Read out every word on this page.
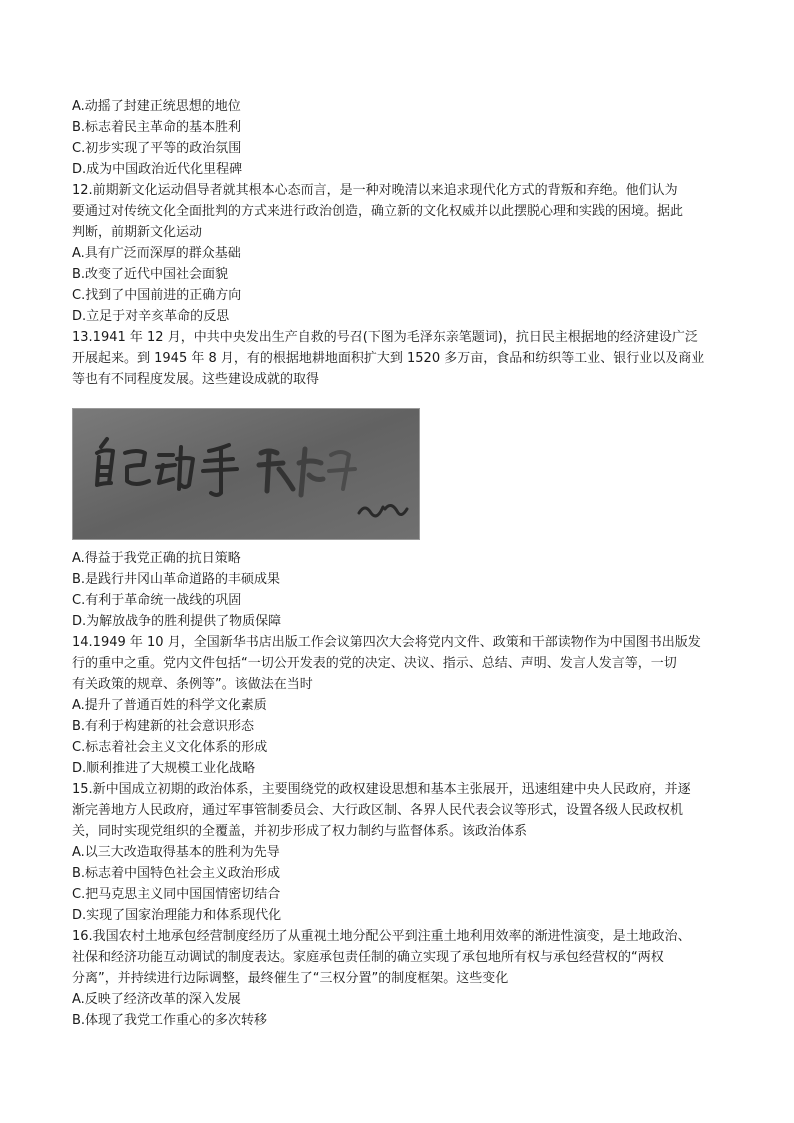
A.动摇了封建正统思想的地位
B.标志着民主革命的基本胜利
C.初步实现了平等的政治氛围
D.成为中国政治近代化里程碑
12.前期新文化运动倡导者就其根本心态而言，是一种对晚清以来追求现代化方式的背叛和弃绝。他们认为
要通过对传统文化全面批判的方式来进行政治创造，确立新的文化权威并以此摆脱心理和实践的困境。据此
判断，前期新文化运动
A.具有广泛而深厚的群众基础
B.改变了近代中国社会面貌
C.找到了中国前进的正确方向
D.立足于对辛亥革命的反思
13.1941 年 12 月，中共中央发出生产自救的号召(下图为毛泽东亲笔题词)，抗日民主根据地的经济建设广泛
开展起来。到 1945 年 8 月，有的根据地耕地面积扩大到 1520 多万亩，食品和纺织等工业、银行业以及商业
等也有不同程度发展。这些建设成就的取得
A.得益于我党正确的抗日策略
B.是践行井冈山革命道路的丰硕成果
C.有利于革命统一战线的巩固
D.为解放战争的胜利提供了物质保障
14.1949 年 10 月，全国新华书店出版工作会议第四次大会将党内文件、政策和干部读物作为中国图书出版发
行的重中之重。党内文件包括“一切公开发表的党的决定、决议、指示、总结、声明、发言人发言等，一切
有关政策的规章、条例等”。该做法在当时
A.提升了普通百姓的科学文化素质
B.有利于构建新的社会意识形态
C.标志着社会主义文化体系的形成
D.顺利推进了大规模工业化战略
15.新中国成立初期的政治体系，主要围绕党的政权建设思想和基本主张展开，迅速组建中央人民政府，并逐
渐完善地方人民政府，通过军事管制委员会、大行政区制、各界人民代表会议等形式，设置各级人民政权机
关，同时实现党组织的全覆盖，并初步形成了权力制约与监督体系。该政治体系
A.以三大改造取得基本的胜利为先导
B.标志着中国特色社会主义政治形成
C.把马克思主义同中国国情密切结合
D.实现了国家治理能力和体系现代化
16.我国农村土地承包经营制度经历了从重视土地分配公平到注重土地利用效率的渐进性演变，是土地政治、
社保和经济功能互动调试的制度表达。家庭承包责任制的确立实现了承包地所有权与承包经营权的“两权
分离”，并持续进行边际调整，最终催生了“三权分置”的制度框架。这些变化
A.反映了经济改革的深入发展
B.体现了我党工作重心的多次转移
